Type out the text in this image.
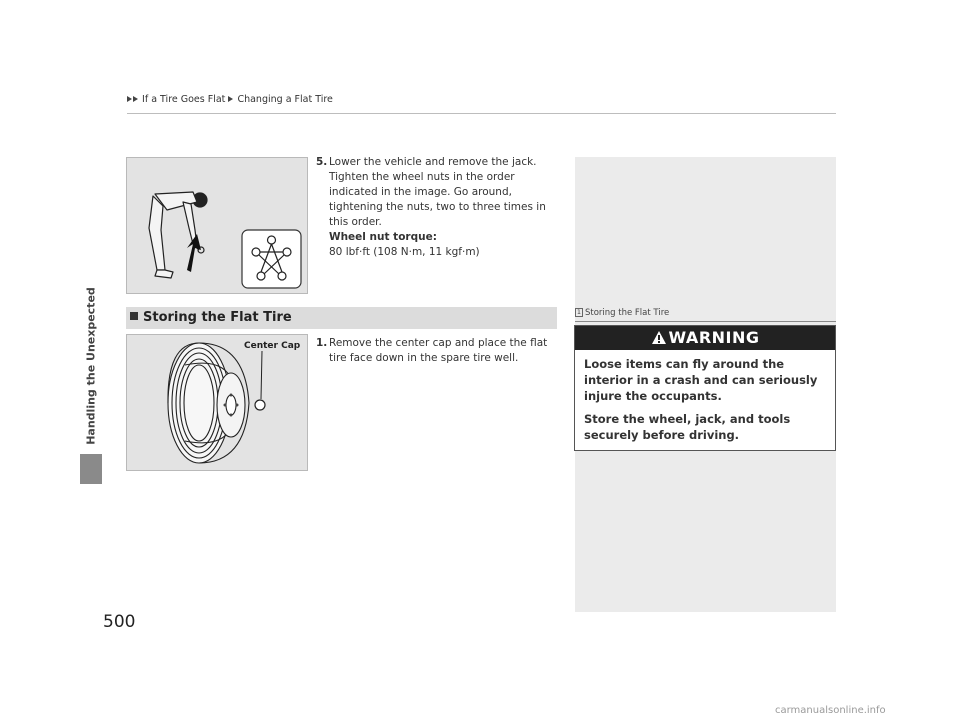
If a Tire Goes Flat Changing a Flat Tire
Handling the Unexpected
500
5. Lower the vehicle and remove the jack.
Tighten the wheel nuts in the order indicated in the image. Go around, tightening the nuts, two to three times in this order.
Wheel nut torque:
80 lbf·ft (108 N·m, 11 kgf·m)
Storing the Flat Tire
Center Cap 1. Remove the center cap and place the flat tire face down in the spare tire well.
1 Storing the Flat Tire
WARNING
Loose items can fly around the interior in a crash and can seriously injure the occupants.
Store the wheel, jack, and tools securely before driving.
carmanualsonline.info
